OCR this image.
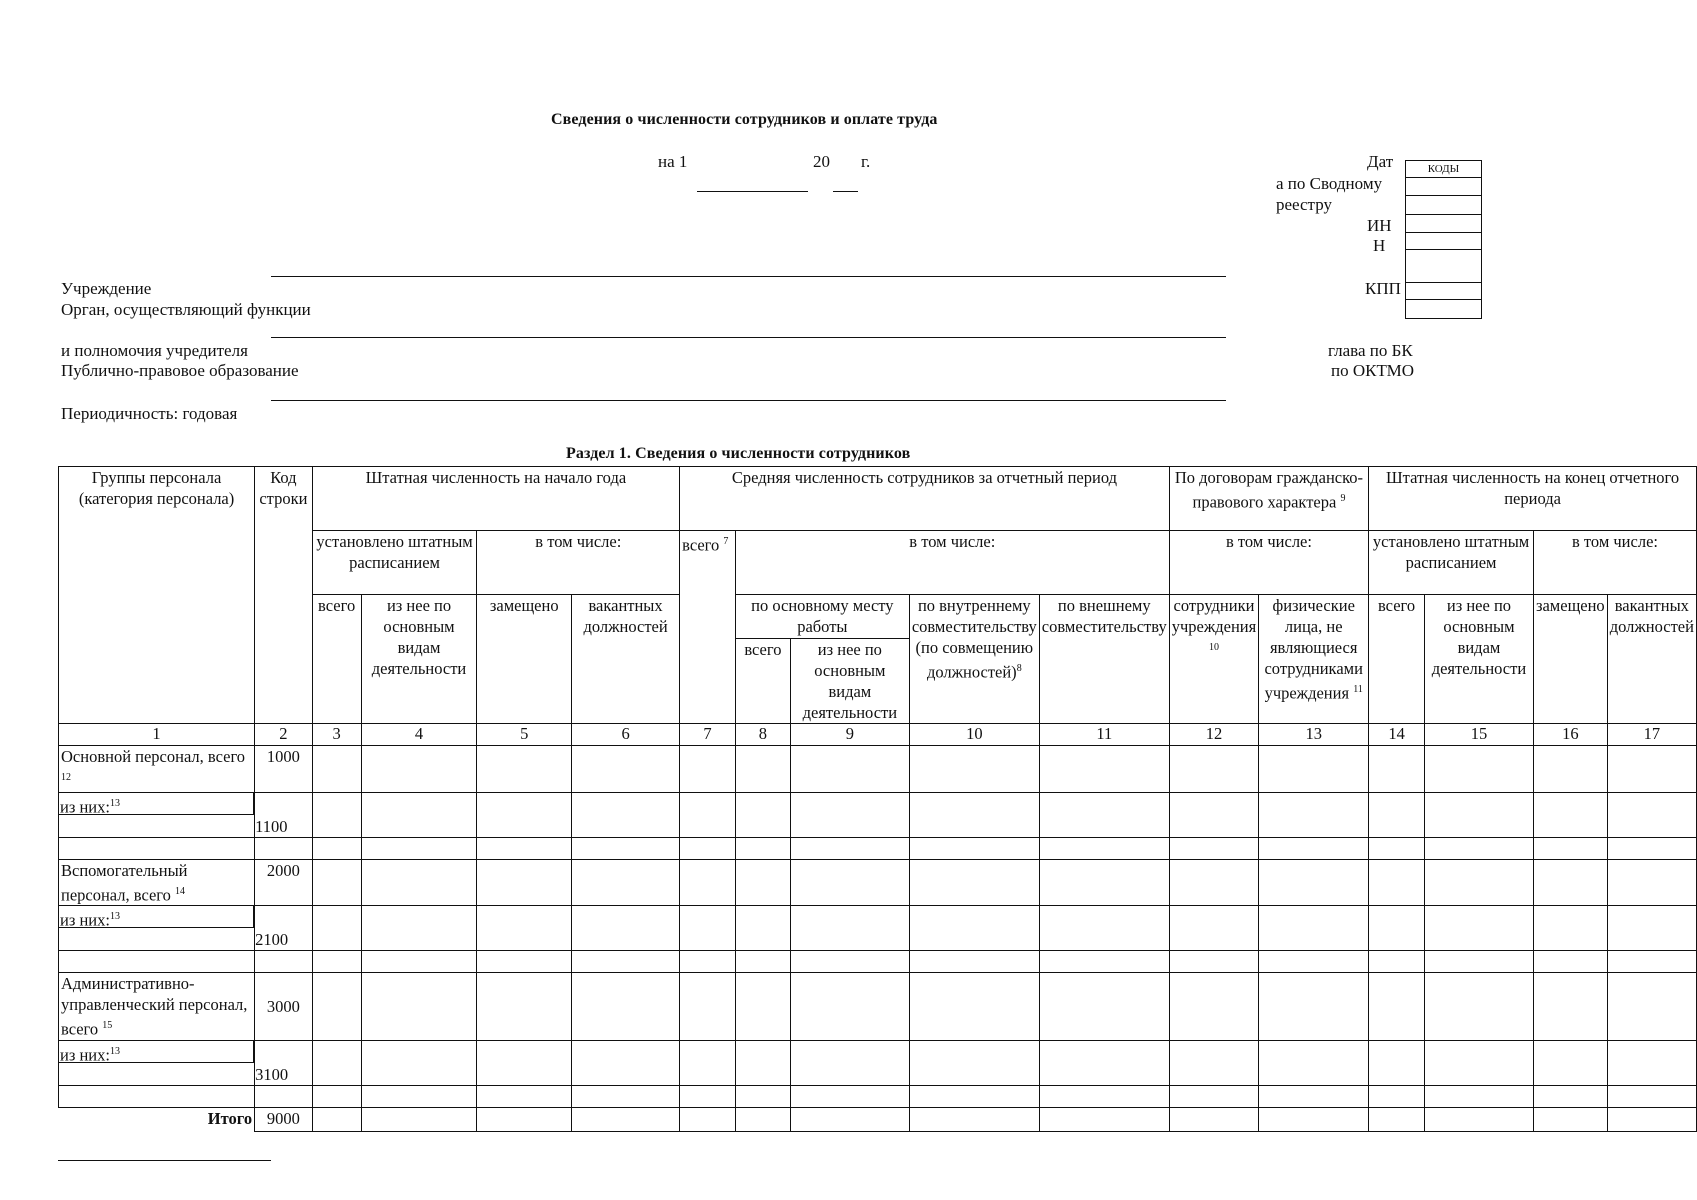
Сведения о численности сотрудников и оплате труда
на 1	20 г.	КОДЫ
Дат
а по Сводному
реестру
ИН
Н
КПП
глава по БК
по ОКТМО
Учреждение
Орган, осуществляющий функции
и полномочия учредителя
Публично-правовое образование
Периодичность: годовая
Раздел 1. Сведения о численности сотрудников
Группы персонала (категория персонала)	Код строки	Штатная численность на начало года				Средняя численность сотрудников за отчетный период					По договорам гражданско-правового характера $^9$		Штатная численность на конец отчетного периода			
		установлено штатным расписанием		в том числе:		всего $^7$	в том числе:				в том числе:		установлено штатным расписанием		в том числе:	
		всего	из нее по основным видам деятельности	замещено	вакантных должностей		по основному месту работы		по внутреннему совместительству (по совмещению должностей)$^8$	по внешнему совместительству	сотрудники учреждения $^{10}$	физические лица, не являющиеся сотрудниками учреждения $^{11}$	всего	из нее по основным видам деятельности	замещено	вакантных должностей
							всего	из нее по основным видам деятельности								
1	2	3	4	5	6	7	8	9	10	11	12	13	14	15	16	17
Основной персонал, всего $^{12}$	1000															

из них:$^{13}$	1100															

Вспомогательный персонал, всего $^{14}$	2000															

из них:$^{13}$	2100															

Административно-управленческий персонал, всего $^{15}$	3000															

из них:$^{13}$	3100															

Итого	9000															
